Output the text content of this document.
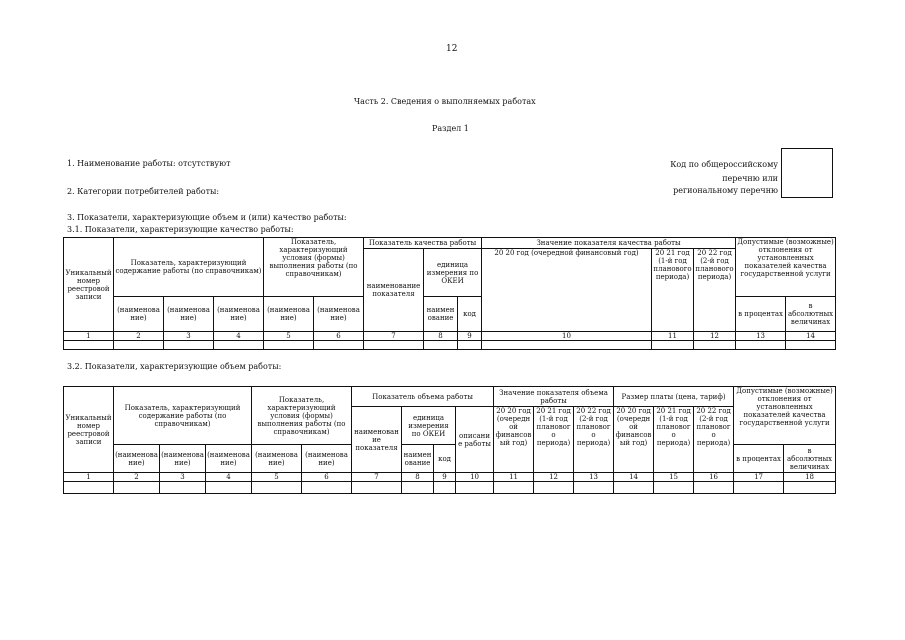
12
Часть 2. Сведения о выполняемых работах
Раздел 1
1. Наименование работы: отсутствуют
2. Категории потребителей работы:
Код по общероссийскому
перечню или
региональному перечню
3. Показатели, характеризующие объем и (или) качество работы:
3.1. Показатели, характеризующие качество работы:
Уникальный номер реестровой записи	Показатель, характеризующий содержание работы (по справочникам)			Показатель, характеризующий условия (формы) выполнения работы (по справочникам)		Показатель качества работы			Значение показателя качества работы			Допустимые (возможные) отклонения от установленных показателей качества государственной услуги	
						наименование показателя	единица измерения по ОКЕИ		20 20 год (очередной финансовый год)	20 21 год (1-й год планового периода)	20 22 год (2-й год планового периода)		
	(наименование)	(наименование)	(наименование)	(наименование)	(наименование)		наименование	код				в процентах	в абсолютных величинах
1	2	3	4	5	6	7	8	9	10	11	12	13	14

3.2. Показатели, характеризующие объем работы:
Уникальный номер реестровой записи	Показатель, характеризующий содержание работы (по справочникам)			Показатель, характеризующий условия (формы) выполнения работы (по справочникам)		Показатель объема работы				Значение показателя объема работы			Размер платы (цена, тариф)			Допустимые (возможные) отклонения от установленных показателей качества государственной услуги	
						наименование показателя	единица измерения по ОКЕИ		описание работы	20 20 год (очередной финансовый год)	20 21 год (1-й год планового периода)	20 22 год (2-й год планового периода)	20 20 год (очередной финансовый год)	20 21 год (1-й год планового периода)	20 22 год (2-й год планового периода)		
	(наименование)	(наименование)	(наименование)	(наименование)	(наименование)		наименование	код								в процентах	в абсолютных величинах
1	2	3	4	5	6	7	8	9	10	11	12	13	14	15	16	17	18
